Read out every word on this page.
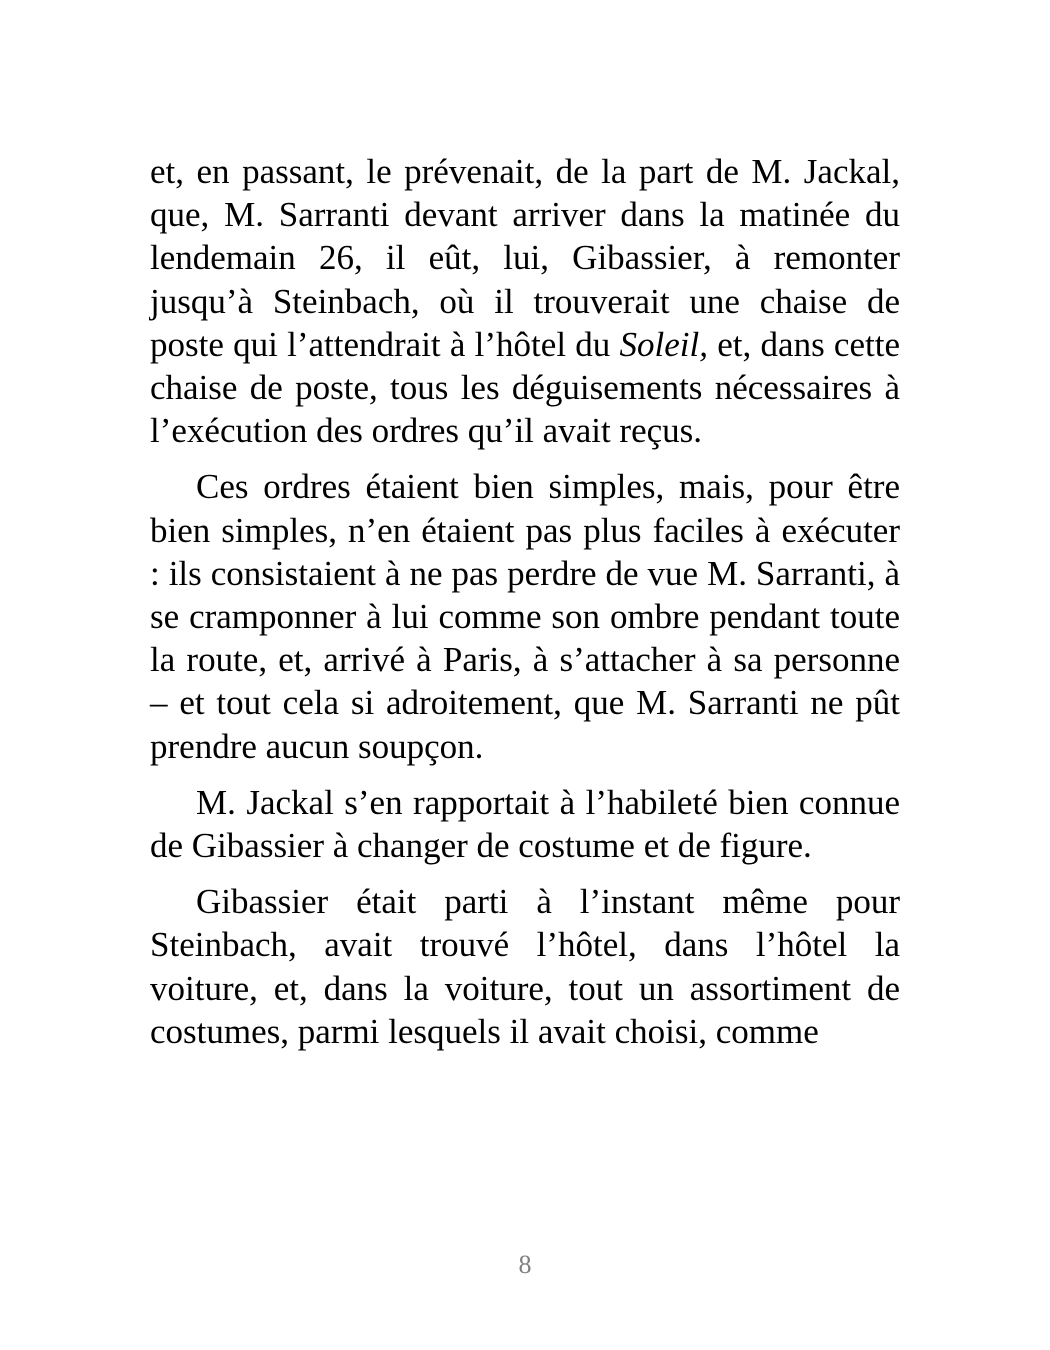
et, en passant, le prévenait, de la part de M. Jackal, que, M. Sarranti devant arriver dans la matinée du lendemain 26, il eût, lui, Gibassier, à remonter jusqu’à Steinbach, où il trouverait une chaise de poste qui l’attendrait à l’hôtel du Soleil, et, dans cette chaise de poste, tous les déguisements nécessaires à l’exécution des ordres qu’il avait reçus.

Ces ordres étaient bien simples, mais, pour être bien simples, n’en étaient pas plus faciles à exécuter : ils consistaient à ne pas perdre de vue M. Sarranti, à se cramponner à lui comme son ombre pendant toute la route, et, arrivé à Paris, à s’attacher à sa personne – et tout cela si adroitement, que M. Sarranti ne pût prendre aucun soupçon.

M. Jackal s’en rapportait à l’habileté bien connue de Gibassier à changer de costume et de figure.

Gibassier était parti à l’instant même pour Steinbach, avait trouvé l’hôtel, dans l’hôtel la voiture, et, dans la voiture, tout un assortiment de costumes, parmi lesquels il avait choisi, comme

8
